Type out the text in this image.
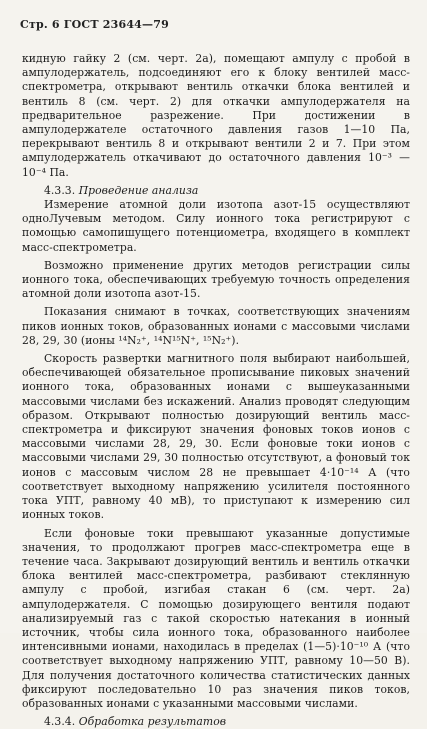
Стр. 6 ГОСТ 23644—79

кидную гайку 2 (см. черт. 2а), помещают ампулу с пробой в ампулодержатель, подсоединяют его к блоку вентилей масс-спектрометра, открывают вентиль откачки блока вентилей и вентиль 8 (см. черт. 2) для откачки ампулодержателя на предварительное разрежение. При достижении в ампулодержателе остаточного давления газов 1—10 Па, перекрывают вентиль 8 и открывают вентили 2 и 7. При этом ампулодержатель откачивают до остаточного давления 10⁻³ — 10⁻⁴ Па.

4.3.3. Проведение анализа

Измерение атомной доли изотопа азот-15 осуществляют одноЛучевым методом. Силу ионного тока регистрируют с помощью самопишущего потенциометра, входящего в комплект масс-спектрометра.

Возможно применение других методов регистрации силы ионного тока, обеспечивающих требуемую точность определения атомной доли изотопа азот-15.

Показания снимают в точках, соответствующих значениям пиков ионных токов, образованных ионами с массовыми числами 28, 29, 30 (ионы ¹⁴N₂⁺, ¹⁴N¹⁵N⁺, ¹⁵N₂⁺).

Скорость развертки магнитного поля выбирают наибольшей, обеспечивающей обязательное прописывание пиковых значений ионного тока, образованных ионами с вышеуказанными массовыми числами без искажений. Анализ проводят следующим образом. Открывают полностью дозирующий вентиль масс-спектрометра и фиксируют значения фоновых токов ионов с массовыми числами 28, 29, 30. Если фоновые токи ионов с массовыми числами 29, 30 полностью отсутствуют, а фоновый ток ионов с массовым числом 28 не превышает 4·10⁻¹⁴ А (что соответствует выходному напряжению усилителя постоянного тока УПТ, равному 40 мВ), то приступают к измерению сил ионных токов.

Если фоновые токи превышают указанные допустимые значения, то продолжают прогрев масс-спектрометра еще в течение часа. Закрывают дозирующий вентиль и вентиль откачки блока вентилей масс-спектрометра, разбивают стеклянную ампулу с пробой, изгибая стакан 6 (см. черт. 2а) ампулодержателя. С помощью дозирующего вентиля подают анализируемый газ с такой скоростью натекания в ионный источник, чтобы сила ионного тока, образованного наиболее интенсивными ионами, находилась в пределах (1—5)·10⁻¹⁰ А (что соответствует выходному напряжению УПТ, равному 10—50 В). Для получения достаточного количества статистических данных фиксируют последовательно 10 раз значения пиков токов, образованных ионами с указанными массовыми числами.

4.3.4. Обработка результатов
